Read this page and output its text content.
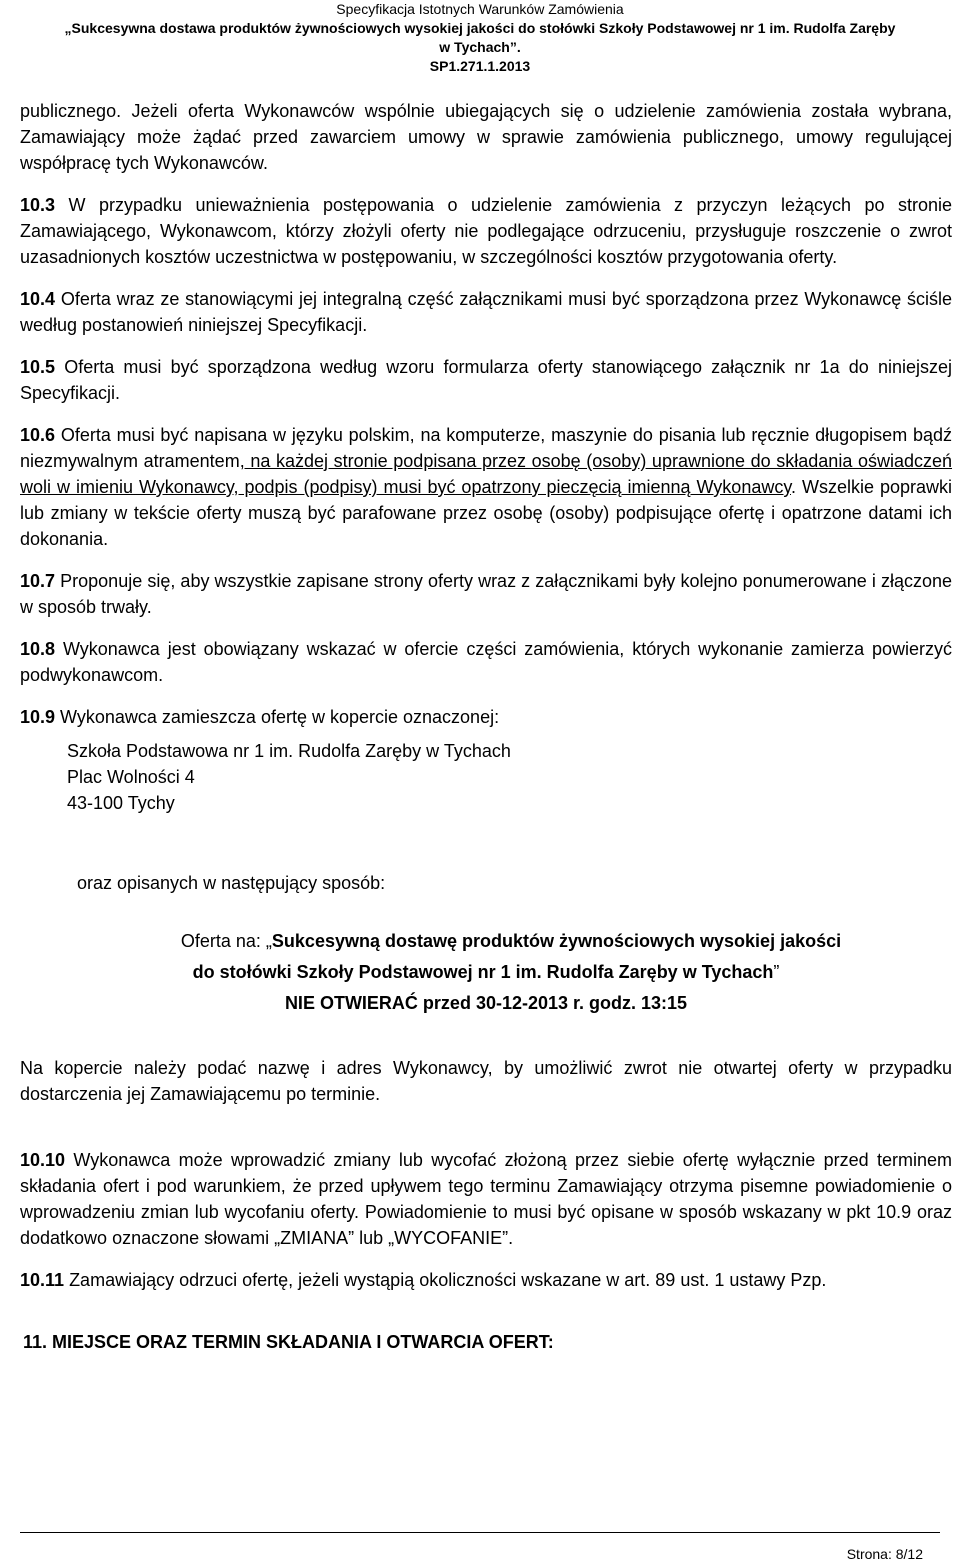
Specyfikacja Istotnych Warunków Zamówienia
„Sukcesywna dostawa produktów żywnościowych wysokiej jakości do stołówki Szkoły Podstawowej nr 1 im. Rudolfa Zaręby
w Tychach”.
SP1.271.1.2013

publicznego. Jeżeli oferta Wykonawców wspólnie ubiegających się o udzielenie zamówienia została wybrana, Zamawiający może żądać przed zawarciem umowy w sprawie zamówienia publicznego, umowy regulującej współpracę tych Wykonawców.

10.3 W przypadku unieważnienia postępowania o udzielenie zamówienia z przyczyn leżących po stronie Zamawiającego, Wykonawcom, którzy złożyli oferty nie podlegające odrzuceniu, przysługuje roszczenie o zwrot uzasadnionych kosztów uczestnictwa w postępowaniu, w szczególności kosztów przygotowania oferty.

10.4 Oferta wraz ze stanowiącymi jej integralną część załącznikami musi być sporządzona przez Wykonawcę ściśle według postanowień niniejszej Specyfikacji.

10.5 Oferta musi być sporządzona według wzoru formularza oferty stanowiącego załącznik nr 1a do niniejszej Specyfikacji.

10.6 Oferta musi być napisana w języku polskim, na komputerze, maszynie do pisania lub ręcznie długopisem bądź niezmywalnym atramentem, na każdej stronie podpisana przez osobę (osoby) uprawnione do składania oświadczeń woli w imieniu Wykonawcy, podpis (podpisy) musi być opatrzony pieczęcią imienną Wykonawcy. Wszelkie poprawki lub zmiany w tekście oferty muszą być parafowane przez osobę (osoby) podpisujące ofertę i opatrzone datami ich dokonania.

10.7 Proponuje się, aby wszystkie zapisane strony oferty wraz z załącznikami były kolejno ponumerowane i złączone w sposób trwały.

10.8 Wykonawca jest obowiązany wskazać w ofercie części zamówienia, których wykonanie zamierza powierzyć podwykonawcom.

10.9 Wykonawca zamieszcza ofertę w kopercie oznaczonej:

Szkoła Podstawowa nr 1 im. Rudolfa Zaręby w Tychach
Plac Wolności 4
43-100 Tychy
oraz opisanych w następujący sposób:
Oferta na: „Sukcesywną dostawę produktów żywnościowych wysokiej jakości
do stołówki Szkoły Podstawowej nr 1 im. Rudolfa Zaręby w Tychach”
NIE OTWIERAĆ przed 30-12-2013 r. godz. 13:15

Na kopercie należy podać nazwę i adres Wykonawcy, by umożliwić zwrot nie otwartej oferty w przypadku dostarczenia jej Zamawiającemu po terminie.

10.10 Wykonawca może wprowadzić zmiany lub wycofać złożoną przez siebie ofertę wyłącznie przed terminem składania ofert i pod warunkiem, że przed upływem tego terminu Zamawiający otrzyma pisemne powiadomienie o wprowadzeniu zmian lub wycofaniu oferty. Powiadomienie to musi być opisane w sposób wskazany w pkt 10.9 oraz dodatkowo oznaczone słowami „ZMIANA” lub „WYCOFANIE”.

10.11 Zamawiający odrzuci ofertę, jeżeli wystąpią okoliczności wskazane w art. 89 ust. 1 ustawy Pzp.

11. MIEJSCE ORAZ TERMIN SKŁADANIA I OTWARCIA OFERT:
Strona: 8/12
